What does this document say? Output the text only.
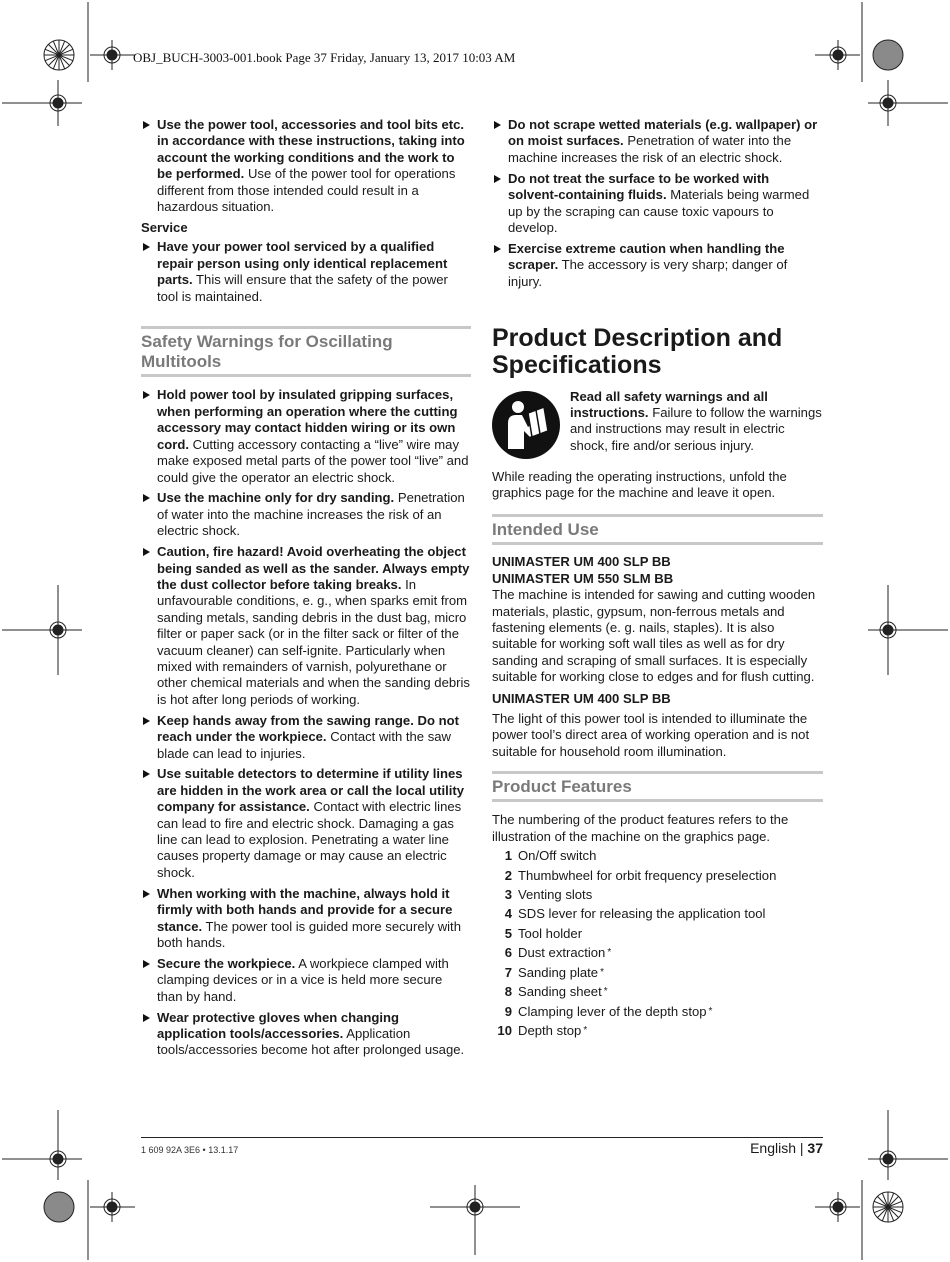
OBJ_BUCH-3003-001.book Page 37 Friday, January 13, 2017 10:03 AM
Use the power tool, accessories and tool bits etc. in accordance with these instructions, taking into account the working conditions and the work to be performed. Use of the power tool for operations different from those intended could result in a hazardous situation.
Service
Have your power tool serviced by a qualified repair person using only identical replacement parts. This will ensure that the safety of the power tool is maintained.
Safety Warnings for Oscillating Multitools
Hold power tool by insulated gripping surfaces, when performing an operation where the cutting accessory may contact hidden wiring or its own cord. Cutting accessory contacting a “live” wire may make exposed metal parts of the power tool “live” and could give the operator an electric shock.
Use the machine only for dry sanding. Penetration of water into the machine increases the risk of an electric shock.
Caution, fire hazard! Avoid overheating the object being sanded as well as the sander. Always empty the dust collector before taking breaks. In unfavourable conditions, e. g., when sparks emit from sanding metals, sanding debris in the dust bag, micro filter or paper sack (or in the filter sack or filter of the vacuum cleaner) can self-ignite. Particularly when mixed with remainders of varnish, polyurethane or other chemical materials and when the sanding debris is hot after long periods of working.
Keep hands away from the sawing range. Do not reach under the workpiece. Contact with the saw blade can lead to injuries.
Use suitable detectors to determine if utility lines are hidden in the work area or call the local utility company for assistance. Contact with electric lines can lead to fire and electric shock. Damaging a gas line can lead to explosion. Penetrating a water line causes property damage or may cause an electric shock.
When working with the machine, always hold it firmly with both hands and provide for a secure stance. The power tool is guided more securely with both hands.
Secure the workpiece. A workpiece clamped with clamping devices or in a vice is held more secure than by hand.
Wear protective gloves when changing application tools/accessories. Application tools/accessories become hot after prolonged usage.
Do not scrape wetted materials (e.g. wallpaper) or on moist surfaces. Penetration of water into the machine increases the risk of an electric shock.
Do not treat the surface to be worked with solvent-containing fluids. Materials being warmed up by the scraping can cause toxic vapours to develop.
Exercise extreme caution when handling the scraper. The accessory is very sharp; danger of injury.
Product Description and Specifications
Read all safety warnings and all instructions. Failure to follow the warnings and instructions may result in electric shock, fire and/or serious injury.

While reading the operating instructions, unfold the graphics page for the machine and leave it open.

Intended Use
UNIMASTER UM 400 SLP BB
UNIMASTER UM 550 SLM BB

The machine is intended for sawing and cutting wooden materials, plastic, gypsum, non-ferrous metals and fastening elements (e. g. nails, staples). It is also suitable for working soft wall tiles as well as for dry sanding and scraping of small surfaces. It is especially suitable for working close to edges and for flush cutting.

UNIMASTER UM 400 SLP BB

The light of this power tool is intended to illuminate the power tool’s direct area of working operation and is not suitable for household room illumination.

Product Features

The numbering of the product features refers to the illustration of the machine on the graphics page.

1 On/Off switch
2 Thumbwheel for orbit frequency preselection
3 Venting slots
4 SDS lever for releasing the application tool
5 Tool holder
6 Dust extraction *
7 Sanding plate *
8 Sanding sheet *
9 Clamping lever of the depth stop *
10 Depth stop *
1 609 92A 3E6 • 13.1.17	English | 37
